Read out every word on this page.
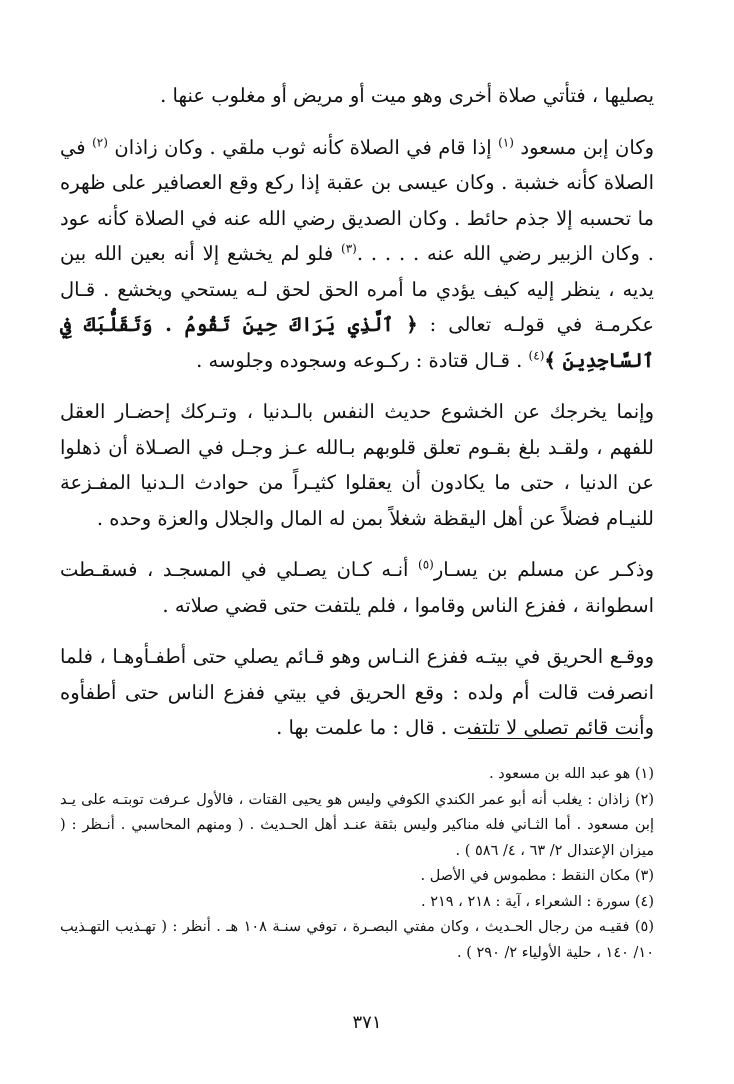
يصليها ، فتأتي صلاة أخرى وهو ميت أو مريض أو مغلوب عنها .

وكان إبن مسعود $^{(١)}$ إذا قام في الصلاة كأنه ثوب ملقي . وكان زاذان $^{(٢)}$ في الصلاة كأنه خشبة . وكان عيسى بن عقبة إذا ركع وقع العصافير على ظهره ما تحسبه إلا جذم حائط . وكان الصديق رضي الله عنه في الصلاة كأنه عود . وكان الزبير رضي الله عنه . . . . .$^{(٣)}$ فلو لم يخشع إلا أنه بعين الله بين يديه ، ينظر إليه كيف يؤدي ما أمره الحق لحق لـه يستحي ويخشع . قـال عكرمـة في قولـه تعالى : ﴿ ٱلَّذِي يَرَاكَ حِينَ تَقُومُ . وَتَقَلُّبَكَ فِي ٱلسَّاجِدِينَ ﴾$^{(٤)}$ . قـال قتادة : ركـوعه وسجوده وجلوسه .

وإنما يخرجك عن الخشوع حديث النفس بالـدنيا ، وتـركك إحضـار العقل للفهم ، ولقـد بلغ بقـوم تعلق قلوبهم بـالله عـز وجـل في الصـلاة أن ذهلوا عن الدنيا ، حتى ما يكادون أن يعقلوا كثيـراً من حوادث الـدنيا المفـزعة للنيـام فضلاً عن أهل اليقظة شغلاً بمن له المال والجلال والعزة وحده .

وذكـر عن مسلم بن يسـار$^{(٥)}$ أنـه كـان يصـلي في المسجـد ، فسقـطت اسطوانة ، ففزع الناس وقاموا ، فلم يلتفت حتى قضي صلاته .

ووقـع الحريق في بيتـه ففزع النـاس وهو قـائم يصلي حتى أطفـأوهـا ، فلما انصرفت قالت أم ولده : وقع الحريق في بيتي ففزع الناس حتى أطفأوه وأنت قائم تصلي لا تلتفت . قال : ما علمت بها .

(١) هو عبد الله بن مسعود .

(٢) زاذان : يغلب أنه أبو عمر الكندي الكوفي وليس هو يحيى القتات ، فالأول عـرفت توبتـه على يـد إبن مسعود . أما الثـاني فله مناكير وليس بثقة عنـد أهل الحـديث . ( ومنهم المحاسبي . أنـظر : ( ميزان الإعتدال ٢/ ٦٣ ، ٤/ ٥٨٦ ) .

(٣) مكان النقط : مطموس في الأصل .

(٤) سورة : الشعراء ، آية : ٢١٨ ، ٢١٩ .

(٥) فقيـه من رجال الحـديث ، وكان مفتي البصـرة ، توفي سنـة ١٠٨ هـ . أنظر : ( تهـذيب التهـذيب ١٠/ ١٤٠ ، حلية الأولياء ٢/ ٢٩٠ ) .

٣٧١
